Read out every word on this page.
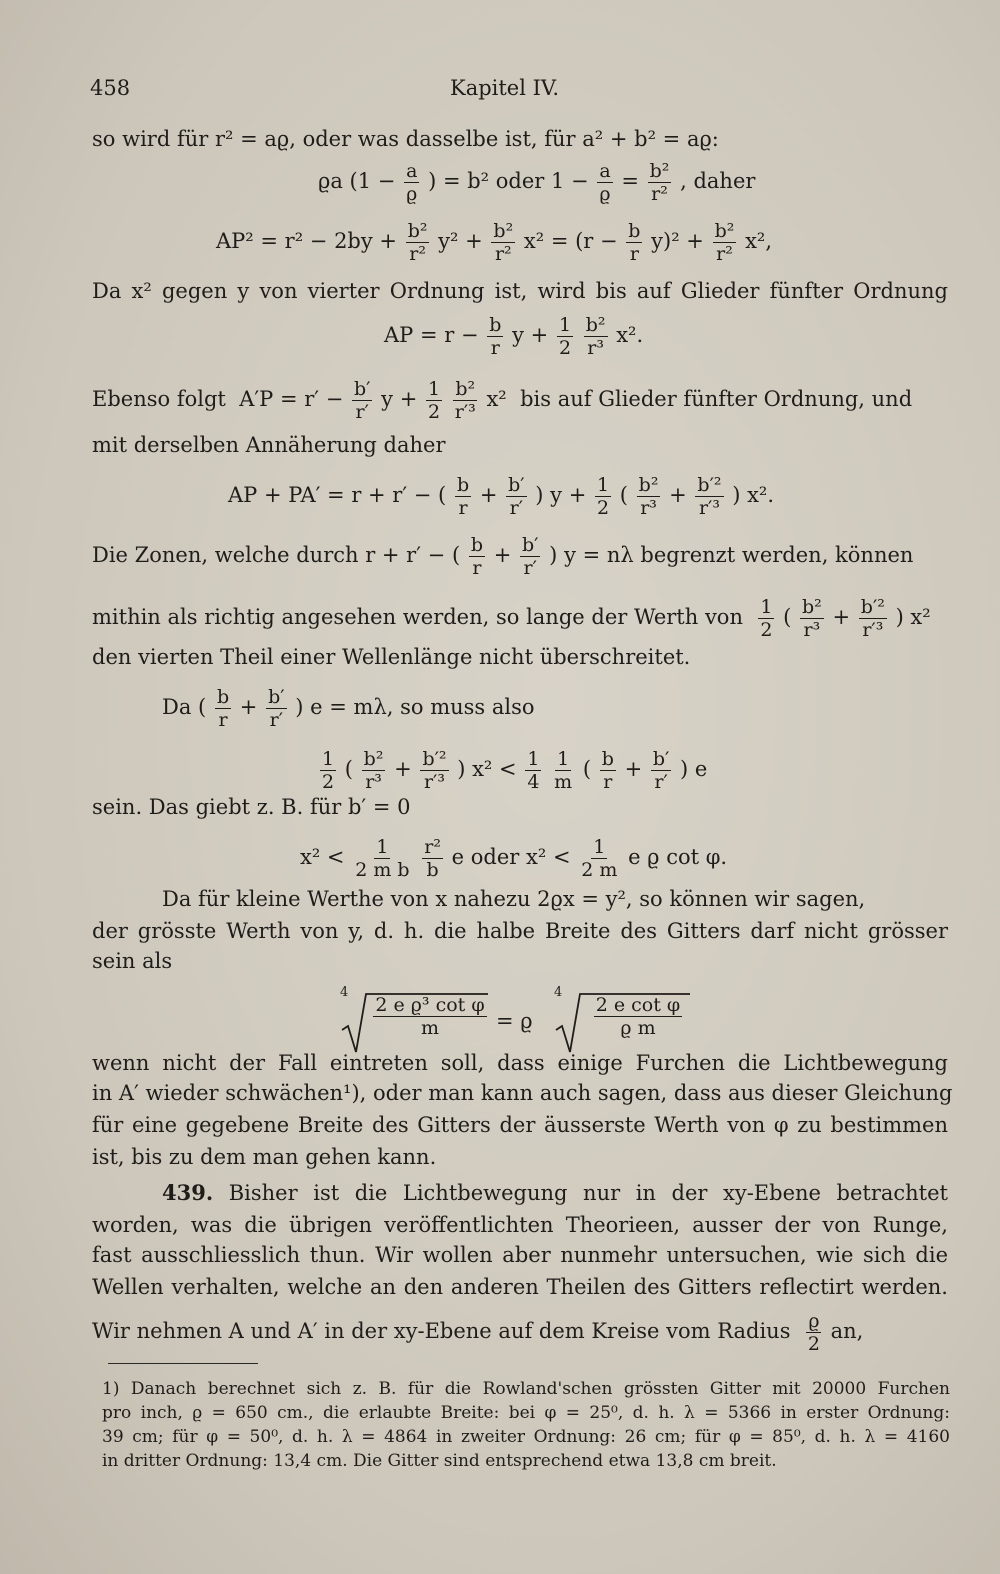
458	Kapitel IV.
so wird für r² = aϱ, oder was dasselbe ist, für a² + b² = aϱ:
ϱa ($1 - \frac{a}{ϱ}$ ) = b² oder $1 - \frac{a}{ϱ} = \frac{\text{b²}}{\text{r²}}$ , daher
$AP^2 = r^2 - 2by + \frac{\text{b²}}{\text{r²}} y^2 + \frac{\text{b²}}{\text{r²}} x^2 = (r - \frac{b}{r} y)^2 + \frac{\text{b²}}{\text{r²}} x^2$,
Da x² gegen y von vierter Ordnung ist, wird bis auf Glieder fünfter Ordnung
AP = $r - \frac{b}{r}$ $y + \frac{1}{2}$
$\frac{\text{b²}}{\text{r³}} x^2$.
Ebenso folgt $A'P = r' - \frac{b'}{r'}$ $y + \frac{1}{2}$
$\frac{\text{b²}}{\text{r′³}} x^2$ bis auf Glieder fünfter Ordnung, und
mit derselben Annäherung daher
AP + PA′ = r + r′ − ( $\frac{b}{r} + \frac{b'}{r'}$ ) $y + \frac{1}{2}$ ( $\frac{\text{b²}}{\text{r³}} + \frac{\text{b′²}}{\text{r′³}}$ ) x².
Die Zonen, welche durch r + r′ − ( $\frac{b}{r} + \frac{b'}{r'}$ ) y = nλ begrenzt werden, können
mithin als richtig angesehen werden, so lange der Werth von $\frac{1}{2}$ ( $\frac{\text{b²}}{\text{r³}} + \frac{\text{b′²}}{\text{r′³}}$ ) x²
den vierten Theil einer Wellenlänge nicht überschreitet.
Da ( $\frac{b}{r} + \frac{b'}{r'}$ ) e = mλ, so muss also
$\frac{1}{2}$ ( $\frac{\text{b²}}{\text{r³}} + \frac{\text{b′²}}{\text{r′³}}$ ) $x^2 < \frac{1}{4}$
$\frac{1}{m}$ ( $\frac{b}{r} + \frac{b'}{r'}$ ) e
sein. Das giebt z. B. für b′ = 0
$x^2 < \frac{1}{\text{2 m b}}$
$\frac{\text{r²}}{b}$ e oder $x^2 < \frac{1}{2 m}$ e ϱ cot φ.
Da für kleine Werthe von x nahezu 2ϱx = y², so können wir sagen,
der grösste Werth von y, d. h. die halbe Breite des Gitters darf nicht grösser
sein als
4	4
2 e ϱ³ cot φ
m	= ϱ
2 e cot φ
ϱ m
wenn nicht der Fall eintreten soll, dass einige Furchen die Lichtbewegung
in A′ wieder schwächen¹), oder man kann auch sagen, dass aus dieser Gleichung
für eine gegebene Breite des Gitters der äusserste Werth von φ zu bestimmen
ist, bis zu dem man gehen kann.
439. Bisher ist die Lichtbewegung nur in der xy-Ebene betrachtet
worden, was die übrigen veröffentlichten Theorieen, ausser der von Runge,
fast ausschliesslich thun. Wir wollen aber nunmehr untersuchen, wie sich die
Wellen verhalten, welche an den anderen Theilen des Gitters reflectirt werden.
Wir nehmen A und A′ in der xy-Ebene auf dem Kreise vom Radius $\frac{ϱ}{2}$ an,
1) Danach berechnet sich z. B. für die Rowland'schen grössten Gitter mit 20000 Furchen
pro inch, ϱ = 650 cm., die erlaubte Breite: bei φ = 25⁰, d. h. λ = 5366 in erster Ordnung:
39 cm; für φ = 50⁰, d. h. λ = 4864 in zweiter Ordnung: 26 cm; für φ = 85⁰, d. h. λ = 4160
in dritter Ordnung: 13,4 cm. Die Gitter sind entsprechend etwa 13,8 cm breit.
